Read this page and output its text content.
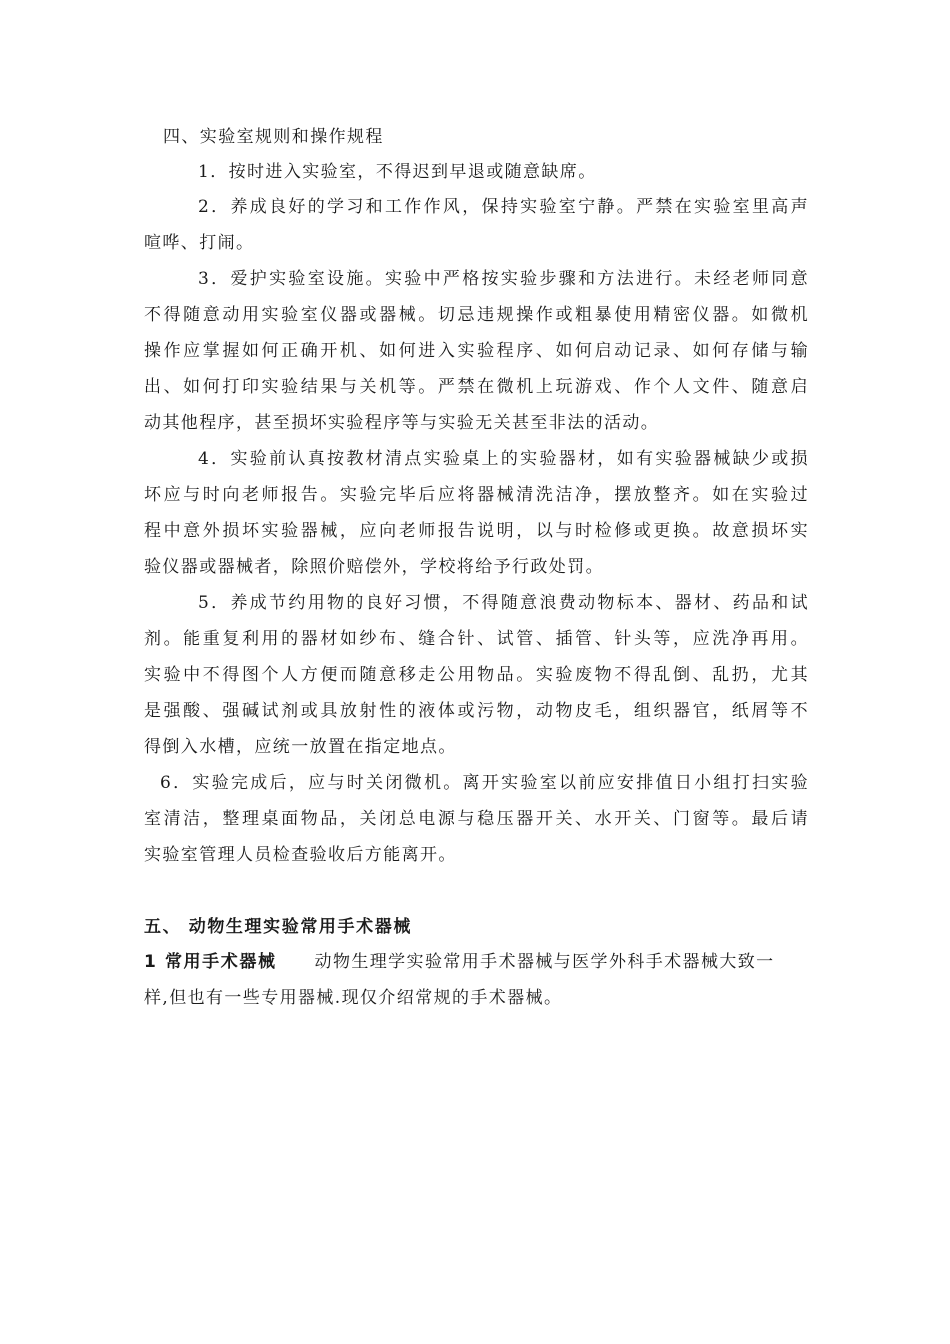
四、实验室规则和操作规程
1．按时进入实验室，不得迟到早退或随意缺席。
2．养成良好的学习和工作作风，保持实验室宁静。严禁在实验室里高声
喧哗、打闹。
3．爱护实验室设施。实验中严格按实验步骤和方法进行。未经老师同意
不得随意动用实验室仪器或器械。切忌违规操作或粗暴使用精密仪器。如微机
操作应掌握如何正确开机、如何进入实验程序、如何启动记录、如何存储与输
出、如何打印实验结果与关机等。严禁在微机上玩游戏、作个人文件、随意启
动其他程序，甚至损坏实验程序等与实验无关甚至非法的活动。
4．实验前认真按教材清点实验桌上的实验器材，如有实验器械缺少或损
坏应与时向老师报告。实验完毕后应将器械清洗洁净，摆放整齐。如在实验过
程中意外损坏实验器械，应向老师报告说明，以与时检修或更换。故意损坏实
验仪器或器械者，除照价赔偿外，学校将给予行政处罚。
5．养成节约用物的良好习惯，不得随意浪费动物标本、器材、药品和试
剂。能重复利用的器材如纱布、缝合针、试管、插管、针头等，应洗净再用。
实验中不得图个人方便而随意移走公用物品。实验废物不得乱倒、乱扔，尤其
是强酸、强碱试剂或具放射性的液体或污物，动物皮毛，组织器官，纸屑等不
得倒入水槽，应统一放置在指定地点。
6．实验完成后，应与时关闭微机。离开实验室以前应安排值日小组打扫实验
室清洁，整理桌面物品，关闭总电源与稳压器开关、水开关、门窗等。最后请
实验室管理人员检查验收后方能离开。
五、 动物生理实验常用手术器械
1 常用手术器械 动物生理学实验常用手术器械与医学外科手术器械大致一
样,但也有一些专用器械.现仅介绍常规的手术器械。
